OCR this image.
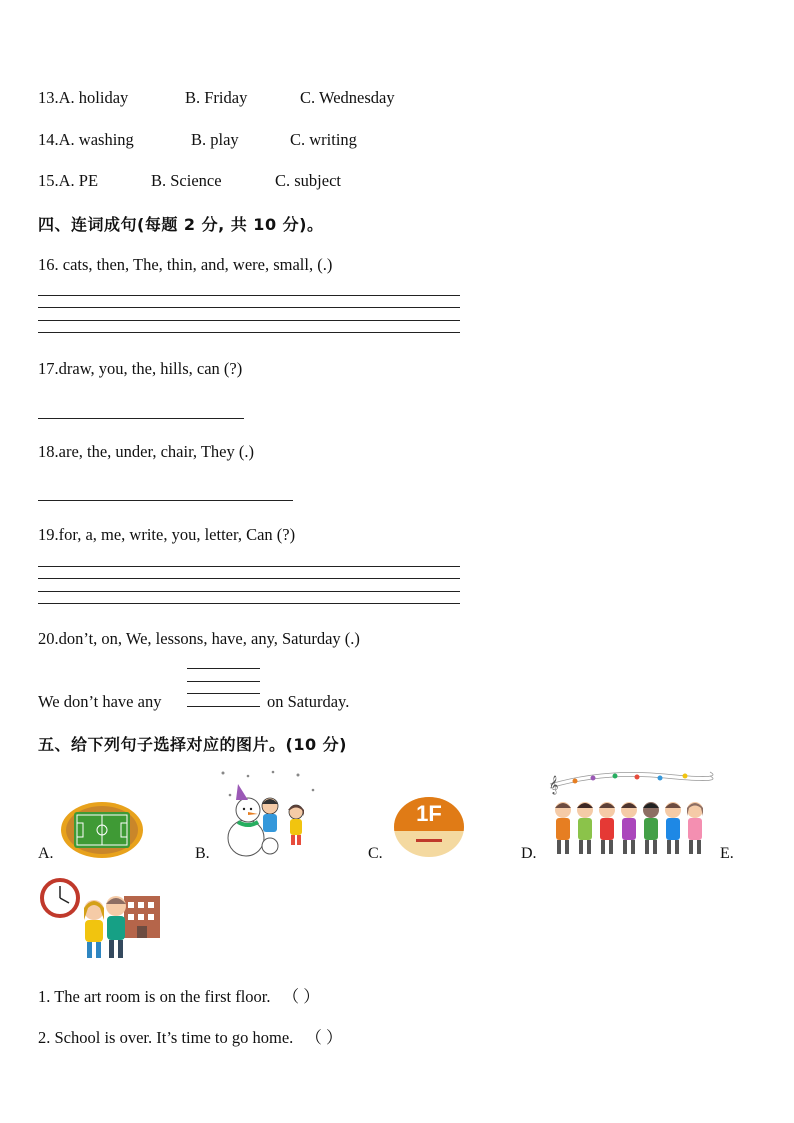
13.A. holiday	B. Friday	C. Wednesday
14.A. washing	B. play	C. writing
15.A. PE	B. Science	C. subject
四、连词成句(每题 2 分, 共 10 分)。
16. cats, then, The, thin, and, were, small, (.)
17.draw, you, the, hills, can (?)
18.are, the, under, chair, They (.)
19.for, a, me, write, you, letter, Can (?)
20.don’t, on, We, lessons, have, any, Saturday (.)
We don’t have any	on Saturday.
五、给下列句子选择对应的图片。(10 分)
A.	B.	C.
1F
D.
𝄞
E.
1. The art room is on the first floor. （ ）
2. School is over. It’s time to go home. （ ）
